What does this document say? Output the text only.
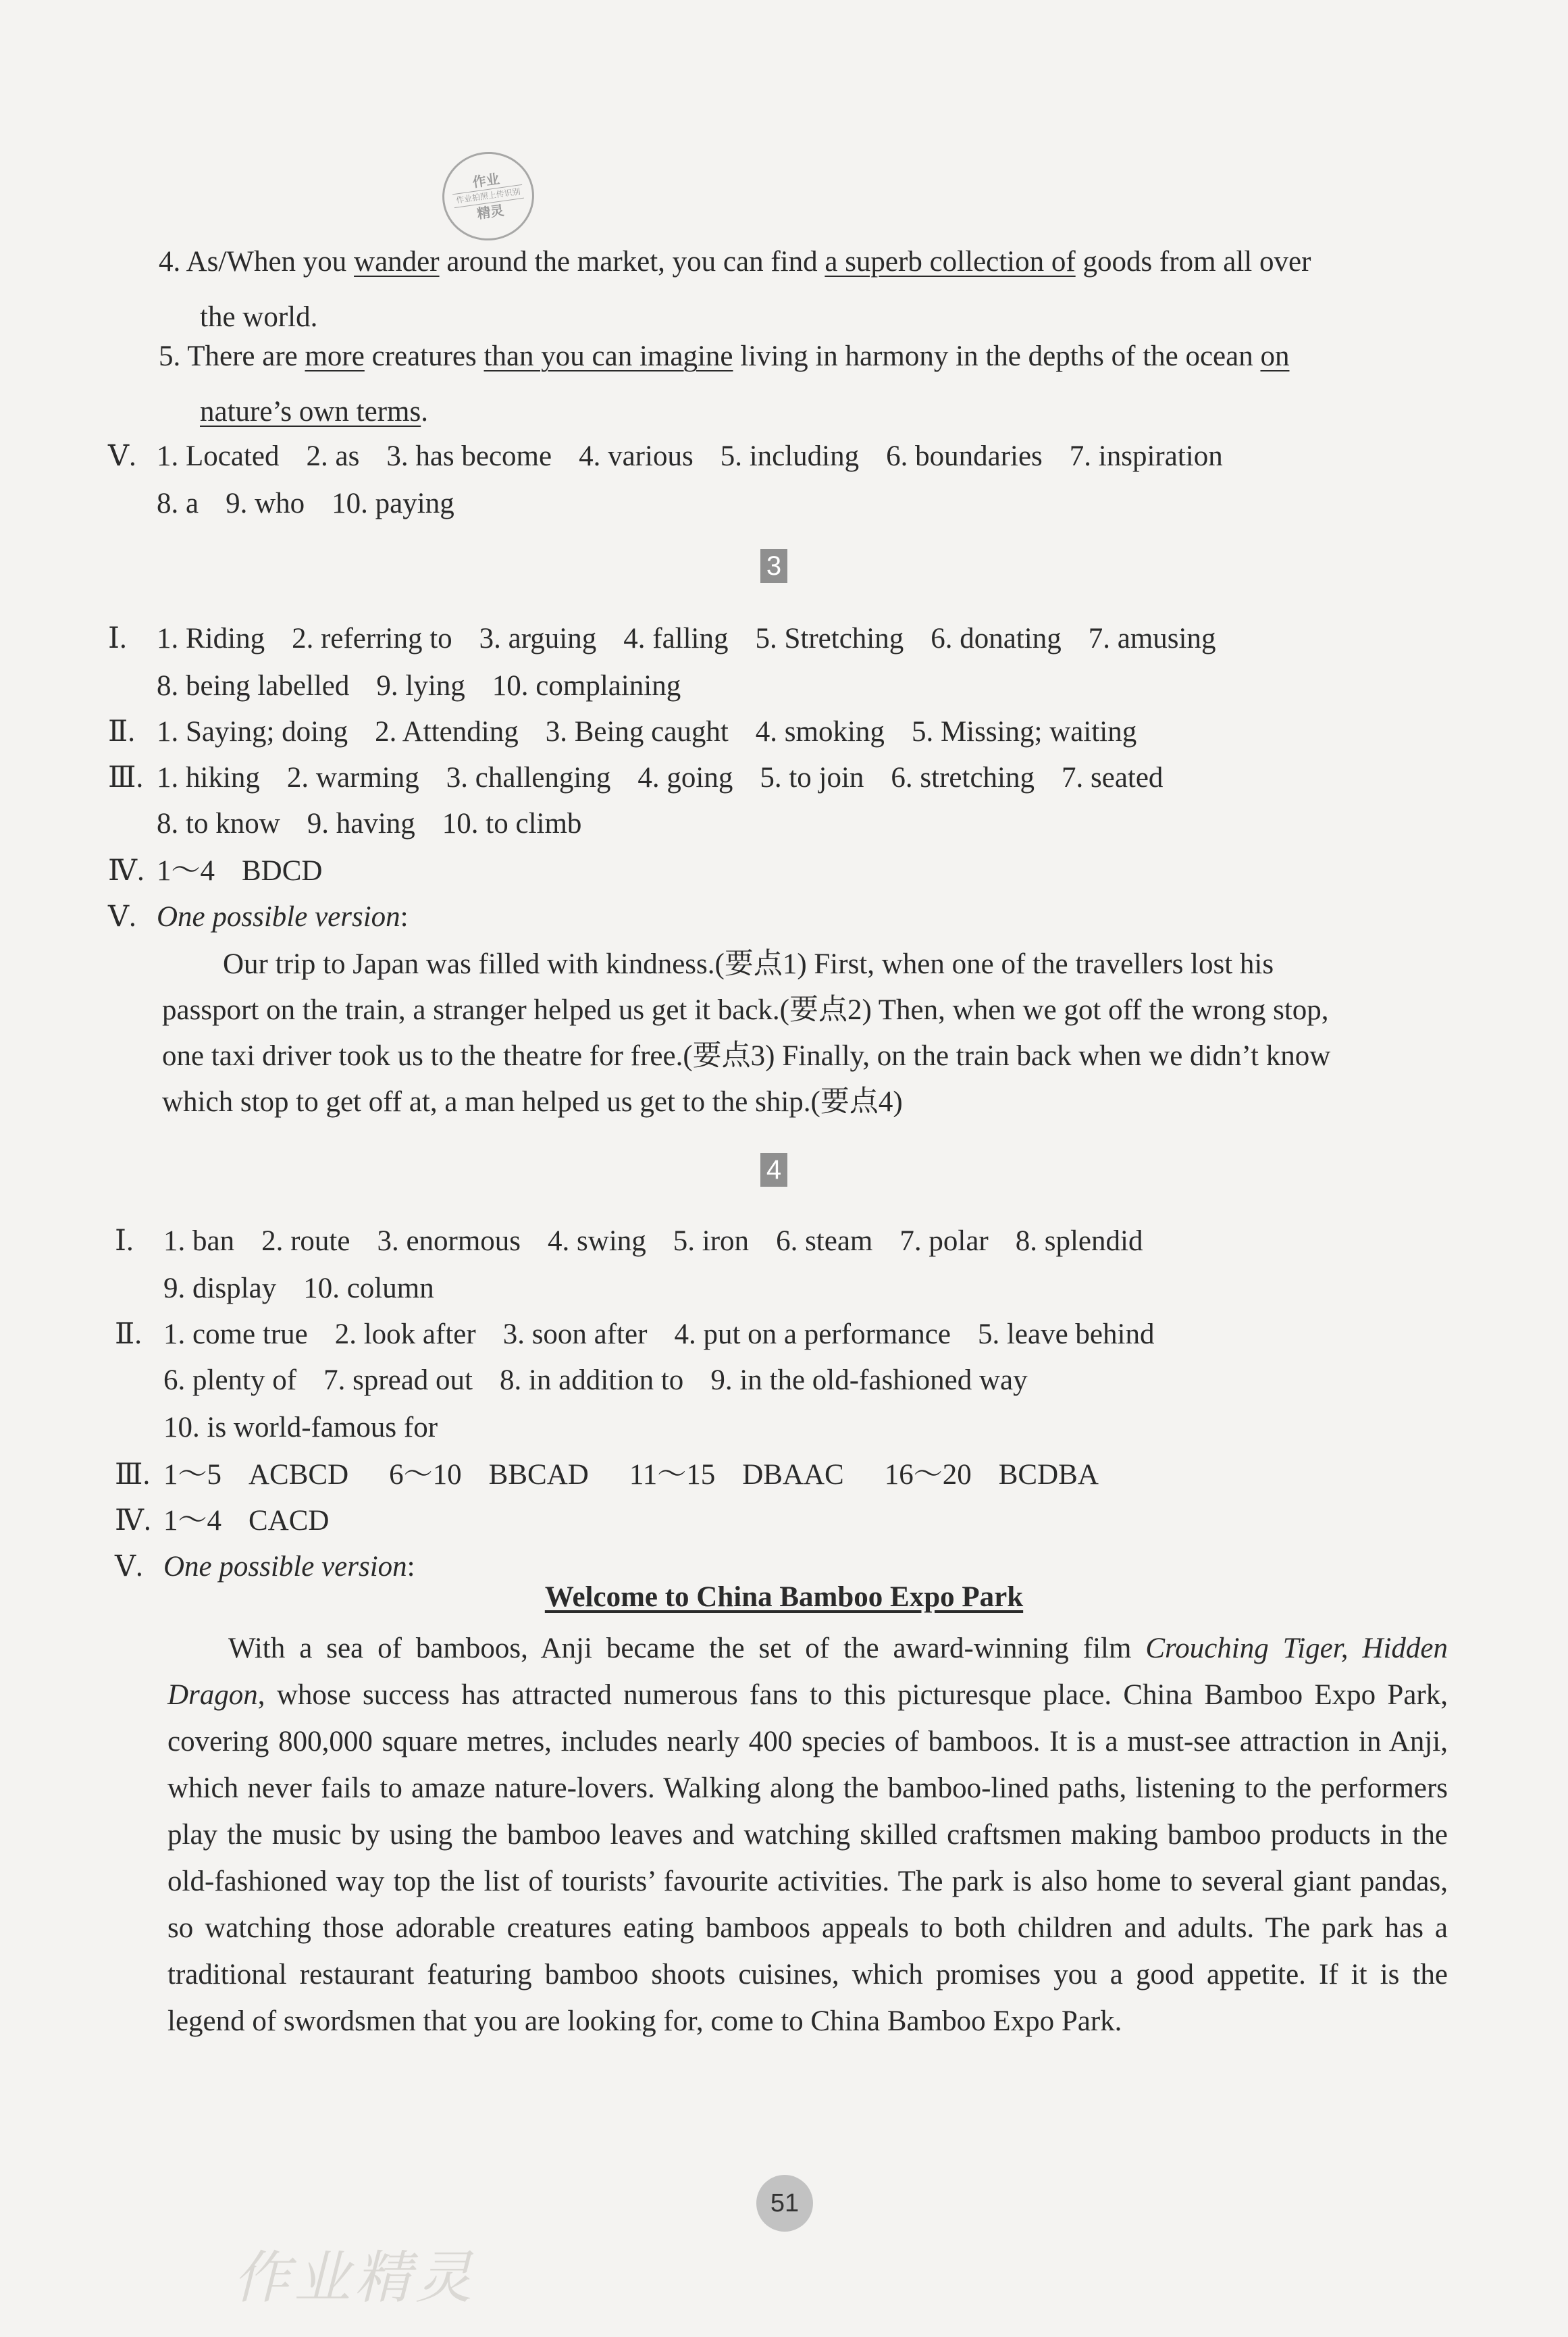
作业
作业拍照上传识别
精灵
4. As/When you wander around the market, you can find a superb collection of goods from all over
the world.
5. There are more creatures than you can imagine living in harmony in the depths of the ocean on
nature’s own terms.
Ⅴ. 1. Located 2. as 3. has become 4. various 5. including 6. boundaries 7. inspiration
8. a 9. who 10. paying
3
Ⅰ. 1. Riding 2. referring to 3. arguing 4. falling 5. Stretching 6. donating 7. amusing
8. being labelled 9. lying 10. complaining
Ⅱ. 1. Saying; doing 2. Attending 3. Being caught 4. smoking 5. Missing; waiting
Ⅲ. 1. hiking 2. warming 3. challenging 4. going 5. to join 6. stretching 7. seated
8. to know 9. having 10. to climb
Ⅳ. 1～4 BDCD
Ⅴ. One possible version:
Our trip to Japan was filled with kindness.(要点1) First, when one of the travellers lost his
passport on the train, a stranger helped us get it back.(要点2) Then, when we got off the wrong stop,
one taxi driver took us to the theatre for free.(要点3) Finally, on the train back when we didn’t know
which stop to get off at, a man helped us get to the ship.(要点4)
4
Ⅰ. 1. ban 2. route 3. enormous 4. swing 5. iron 6. steam 7. polar 8. splendid
9. display 10. column
Ⅱ. 1. come true 2. look after 3. soon after 4. put on a performance 5. leave behind
6. plenty of 7. spread out 8. in addition to 9. in the old-fashioned way
10. is world-famous for
Ⅲ. 1～5 ACBCD 6～10 BBCAD 11～15 DBAAC 16～20 BCDBA
Ⅳ. 1～4 CACD
Ⅴ. One possible version:
Welcome to China Bamboo Expo Park
With a sea of bamboos, Anji became the set of the award-winning film Crouching Tiger, Hidden Dragon, whose success has attracted numerous fans to this picturesque place. China Bamboo Expo Park, covering 800,000 square metres, includes nearly 400 species of bamboos. It is a must-see attraction in Anji, which never fails to amaze nature-lovers. Walking along the bamboo-lined paths, listening to the performers play the music by using the bamboo leaves and watching skilled craftsmen making bamboo products in the old-fashioned way top the list of tourists’ favourite activities. The park is also home to several giant pandas, so watching those adorable creatures eating bamboos appeals to both children and adults. The park has a traditional restaurant featuring bamboo shoots cuisines, which promises you a good appetite. If it is the legend of swordsmen that you are looking for, come to China Bamboo Expo Park.
51
作业精灵
